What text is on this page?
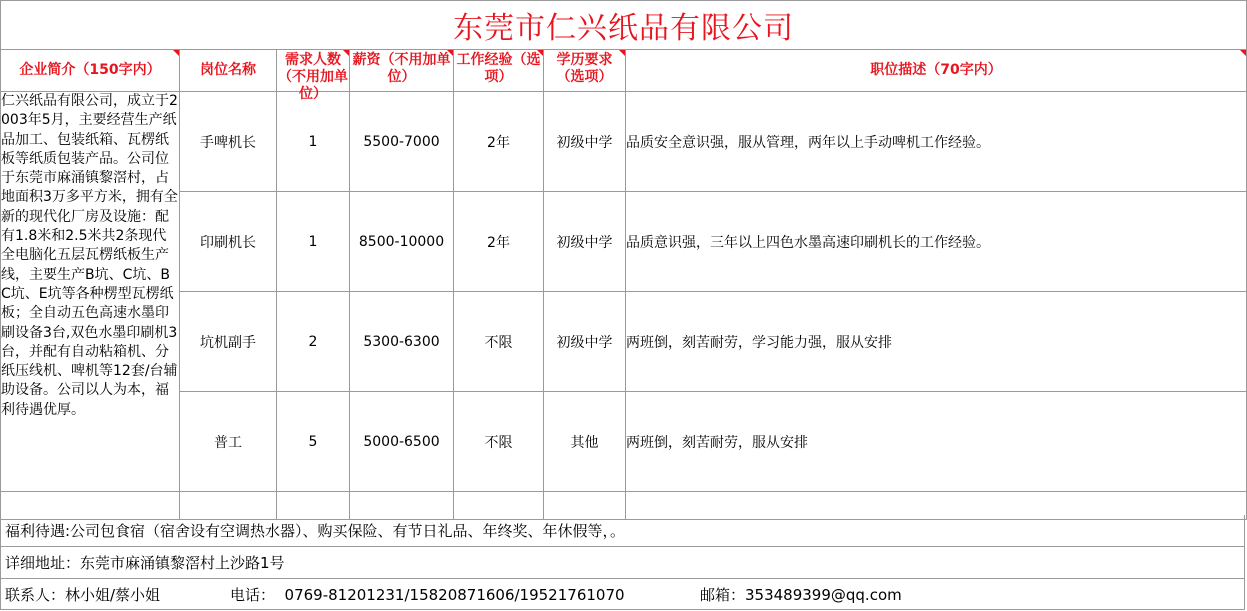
东莞市仁兴纸品有限公司
企业简介（150字内）	岗位名称	需求人数（不用加单位）	薪资（不用加单位）	工作经验（选项）	学历要求（选项）	职位描述（70字内）

仁兴纸品有限公司，成立于2003年5月，主要经营生产纸品加工、包装纸箱、瓦楞纸板等纸质包装产品。公司位于东莞市麻涌镇黎滘村，占地面积3万多平方米，拥有全新的现代化厂房及设施：配有1.8米和2.5米共2条现代全电脑化五层瓦楞纸板生产线，主要生产B坑、C坑、BC坑、E坑等各种楞型瓦楞纸板；全自动五色高速水墨印刷设备3台,双色水墨印刷机3台，并配有自动粘箱机、分纸压线机、啤机等12套/台辅助设备。公司以人为本，福利待遇优厚。	手啤机长	1	5500-7000	2年	初级中学	品质安全意识强，服从管理，两年以上手动啤机工作经验。
	印刷机长	1	8500-10000	2年	初级中学	品质意识强，三年以上四色水墨高速印刷机长的工作经验。
	坑机副手	2	5300-6300	不限	初级中学	两班倒，刻苦耐劳，学习能力强，服从安排
	普工	5	5000-6500	不限	其他	两班倒，刻苦耐劳，服从安排

福利待遇:公司包食宿（宿舍设有空调热水器）、购买保险、有节日礼品、年终奖、年休假等，。
详细地址：东莞市麻涌镇黎滘村上沙路1号
联系人：林小姐/蔡小姐	电话：  0769-81201231/15820871606/19521761070	邮箱：353489399@qq.com
